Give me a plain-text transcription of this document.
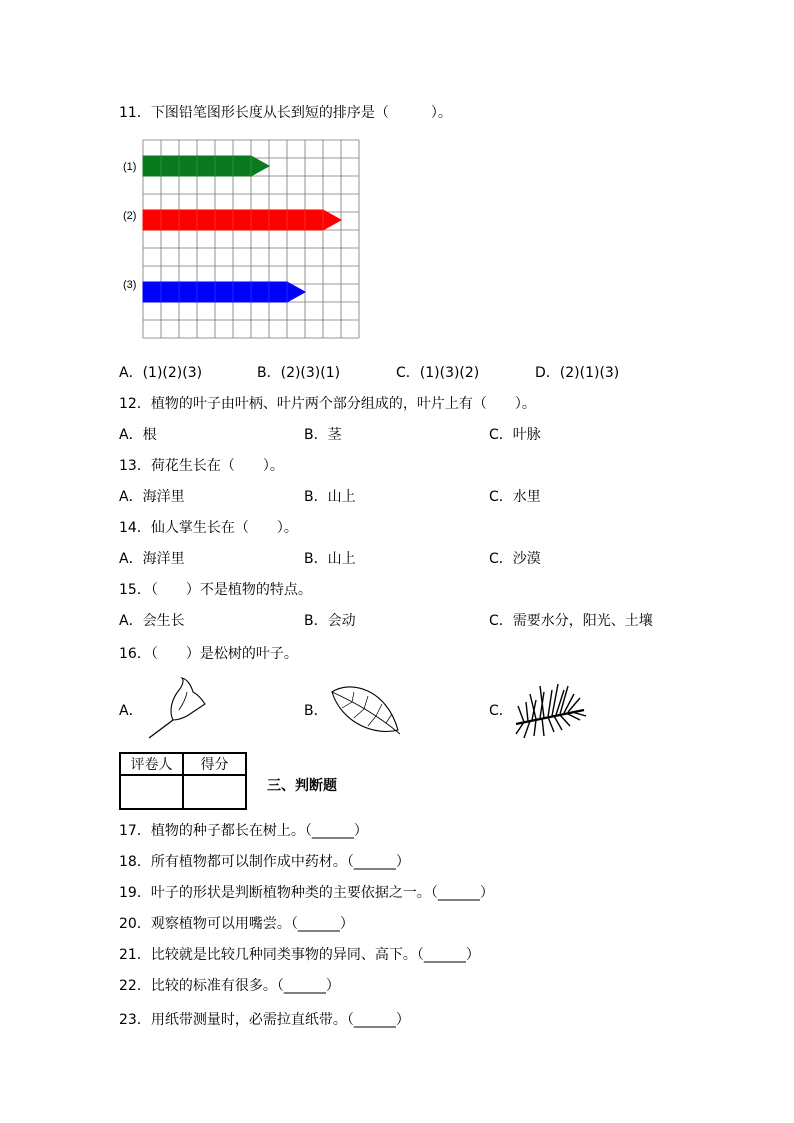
11．下图铅笔图形长度从长到短的排序是（　　　）。
(1)
(2)
(3)
A．(1)(2)(3)	B．(2)(3)(1)	C．(1)(3)(2)	D．(2)(1)(3)
12．植物的叶子由叶柄、叶片两个部分组成的，叶片上有（　　）。
A．根	B．茎	C．叶脉
13．荷花生长在（　　）。
A．海洋里	B．山上	C．水里
14．仙人掌生长在（　　）。
A．海洋里	B．山上	C．沙漠
15．（　　）不是植物的特点。
A．会生长	B．会动	C．需要水分，阳光、土壤
16．（　　）是松树的叶子。
A．	B．	C．
评卷人	得分

三、判断题
17．植物的种子都长在树上。（______）
18．所有植物都可以制作成中药材。（______）
19．叶子的形状是判断植物种类的主要依据之一。（______）
20．观察植物可以用嘴尝。（______）
21．比较就是比较几种同类事物的异同、高下。（______）
22．比较的标准有很多。（______）
23．用纸带测量时，必需拉直纸带。（______）
